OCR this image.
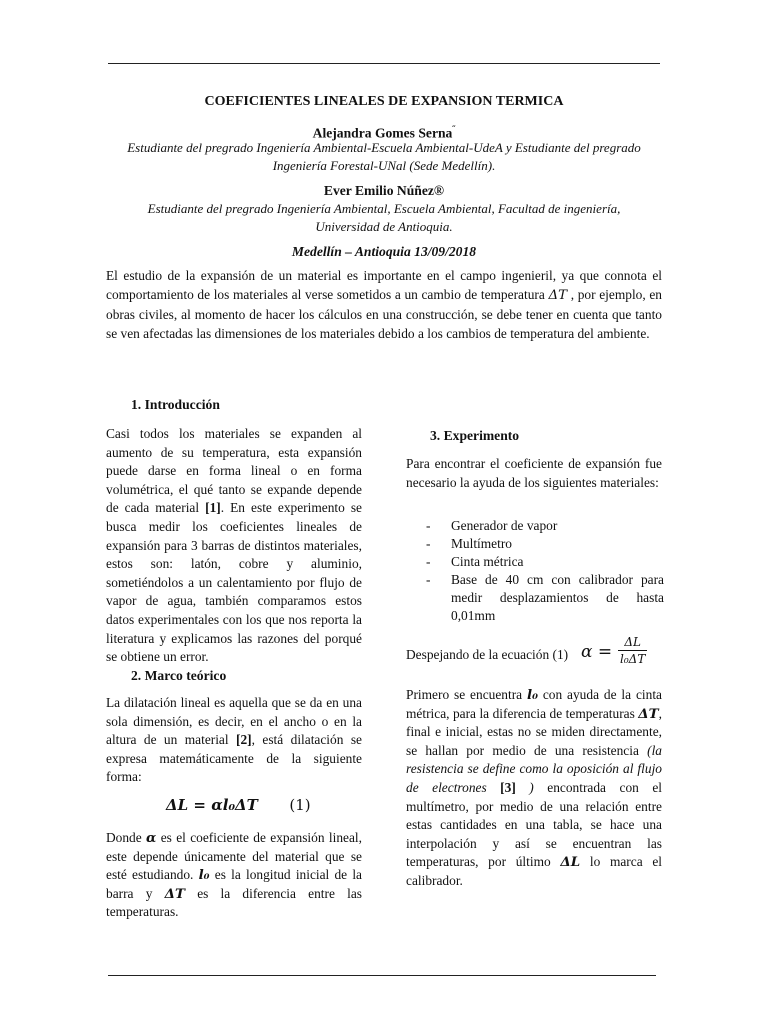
COEFICIENTES LINEALES DE EXPANSION TERMICA
Alejandra Gomes Serna˝
Estudiante del pregrado Ingeniería Ambiental-Escuela Ambiental-UdeA y Estudiante del pregrado
Ingeniería Forestal-UNal (Sede Medellín).
Ever Emilio Núñez®
Estudiante del pregrado Ingeniería Ambiental, Escuela Ambiental, Facultad de ingeniería,
Universidad de Antioquia.
Medellín – Antioquia 13/09/2018
El estudio de la expansión de un material es importante en el campo ingenieril, ya que connota el comportamiento de los materiales al verse sometidos a un cambio de temperatura ΔT , por ejemplo, en obras civiles, al momento de hacer los cálculos en una construcción, se debe tener en cuenta que tanto se ven afectadas las dimensiones de los materiales debido a los cambios de temperatura del ambiente.
1. Introducción
Casi todos los materiales se expanden al aumento de su temperatura, esta expansión puede darse en forma lineal o en forma volumétrica, el qué tanto se expande depende de cada material [1]. En este experimento se busca medir los coeficientes lineales de expansión para 3 barras de distintos materiales, estos son: latón, cobre y aluminio, sometiéndolos a un calentamiento por flujo de vapor de agua, también comparamos estos datos experimentales con los que nos reporta la literatura y explicamos las razones del porqué se obtiene un error.
2. Marco teórico
La dilatación lineal es aquella que se da en una sola dimensión, es decir, en el ancho o en la altura de un material [2], está dilatación se expresa matemáticamente de la siguiente forma:
ΔL = αl₀ΔT (1)
Donde α es el coeficiente de expansión lineal, este depende únicamente del material que se esté estudiando. l₀ es la longitud inicial de la barra y ΔT es la diferencia entre las temperaturas.
3. Experimento
Para encontrar el coeficiente de expansión fue necesario la ayuda de los siguientes materiales:
- Generador de vapor
- Multímetro
- Cinta métrica
- Base de 40 cm con calibrador para medir desplazamientos de hasta 0,01mm
Despejando de la ecuación (1) $\alpha = \frac{\Delta L}{\text{l₀ΔT}}$
Primero se encuentra l₀ con ayuda de la cinta métrica, para la diferencia de temperaturas ΔT, final e inicial, estas no se miden directamente, se hallan por medio de una resistencia (la resistencia se define como la oposición al flujo de electrones [3] ) encontrada con el multímetro, por medio de una relación entre estas cantidades en una tabla, se hace una interpolación y así se encuentran las temperaturas, por último ΔL lo marca el calibrador.
